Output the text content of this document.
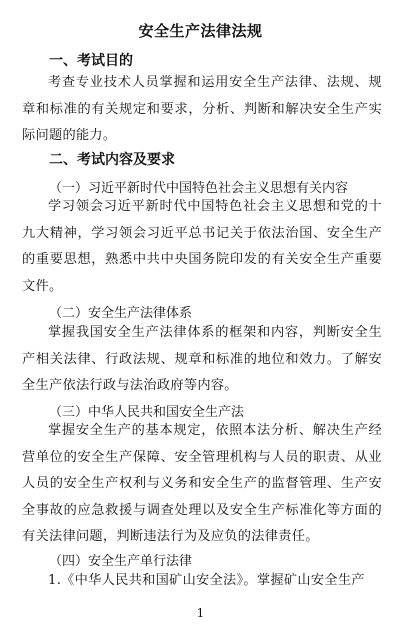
安全生产法律法规
一、考试目的
考查专业技术人员掌握和运用安全生产法律、法规、规章和标准的有关规定和要求，分析、判断和解决安全生产实际问题的能力。
二、考试内容及要求
（一）习近平新时代中国特色社会主义思想有关内容
学习领会习近平新时代中国特色社会主义思想和党的十九大精神，学习领会习近平总书记关于依法治国、安全生产的重要思想，熟悉中共中央国务院印发的有关安全生产重要文件。
（二）安全生产法律体系
掌握我国安全生产法律体系的框架和内容，判断安全生产相关法律、行政法规、规章和标准的地位和效力。了解安全生产依法行政与法治政府等内容。
（三）中华人民共和国安全生产法
掌握安全生产的基本规定，依照本法分析、解决生产经营单位的安全生产保障、安全管理机构与人员的职责、从业人员的安全生产权利与义务和安全生产的监督管理、生产安全事故的应急救援与调查处理以及安全生产标准化等方面的有关法律问题，判断违法行为及应负的法律责任。
（四）安全生产单行法律
1.《中华人民共和国矿山安全法》。掌握矿山安全生产
1
